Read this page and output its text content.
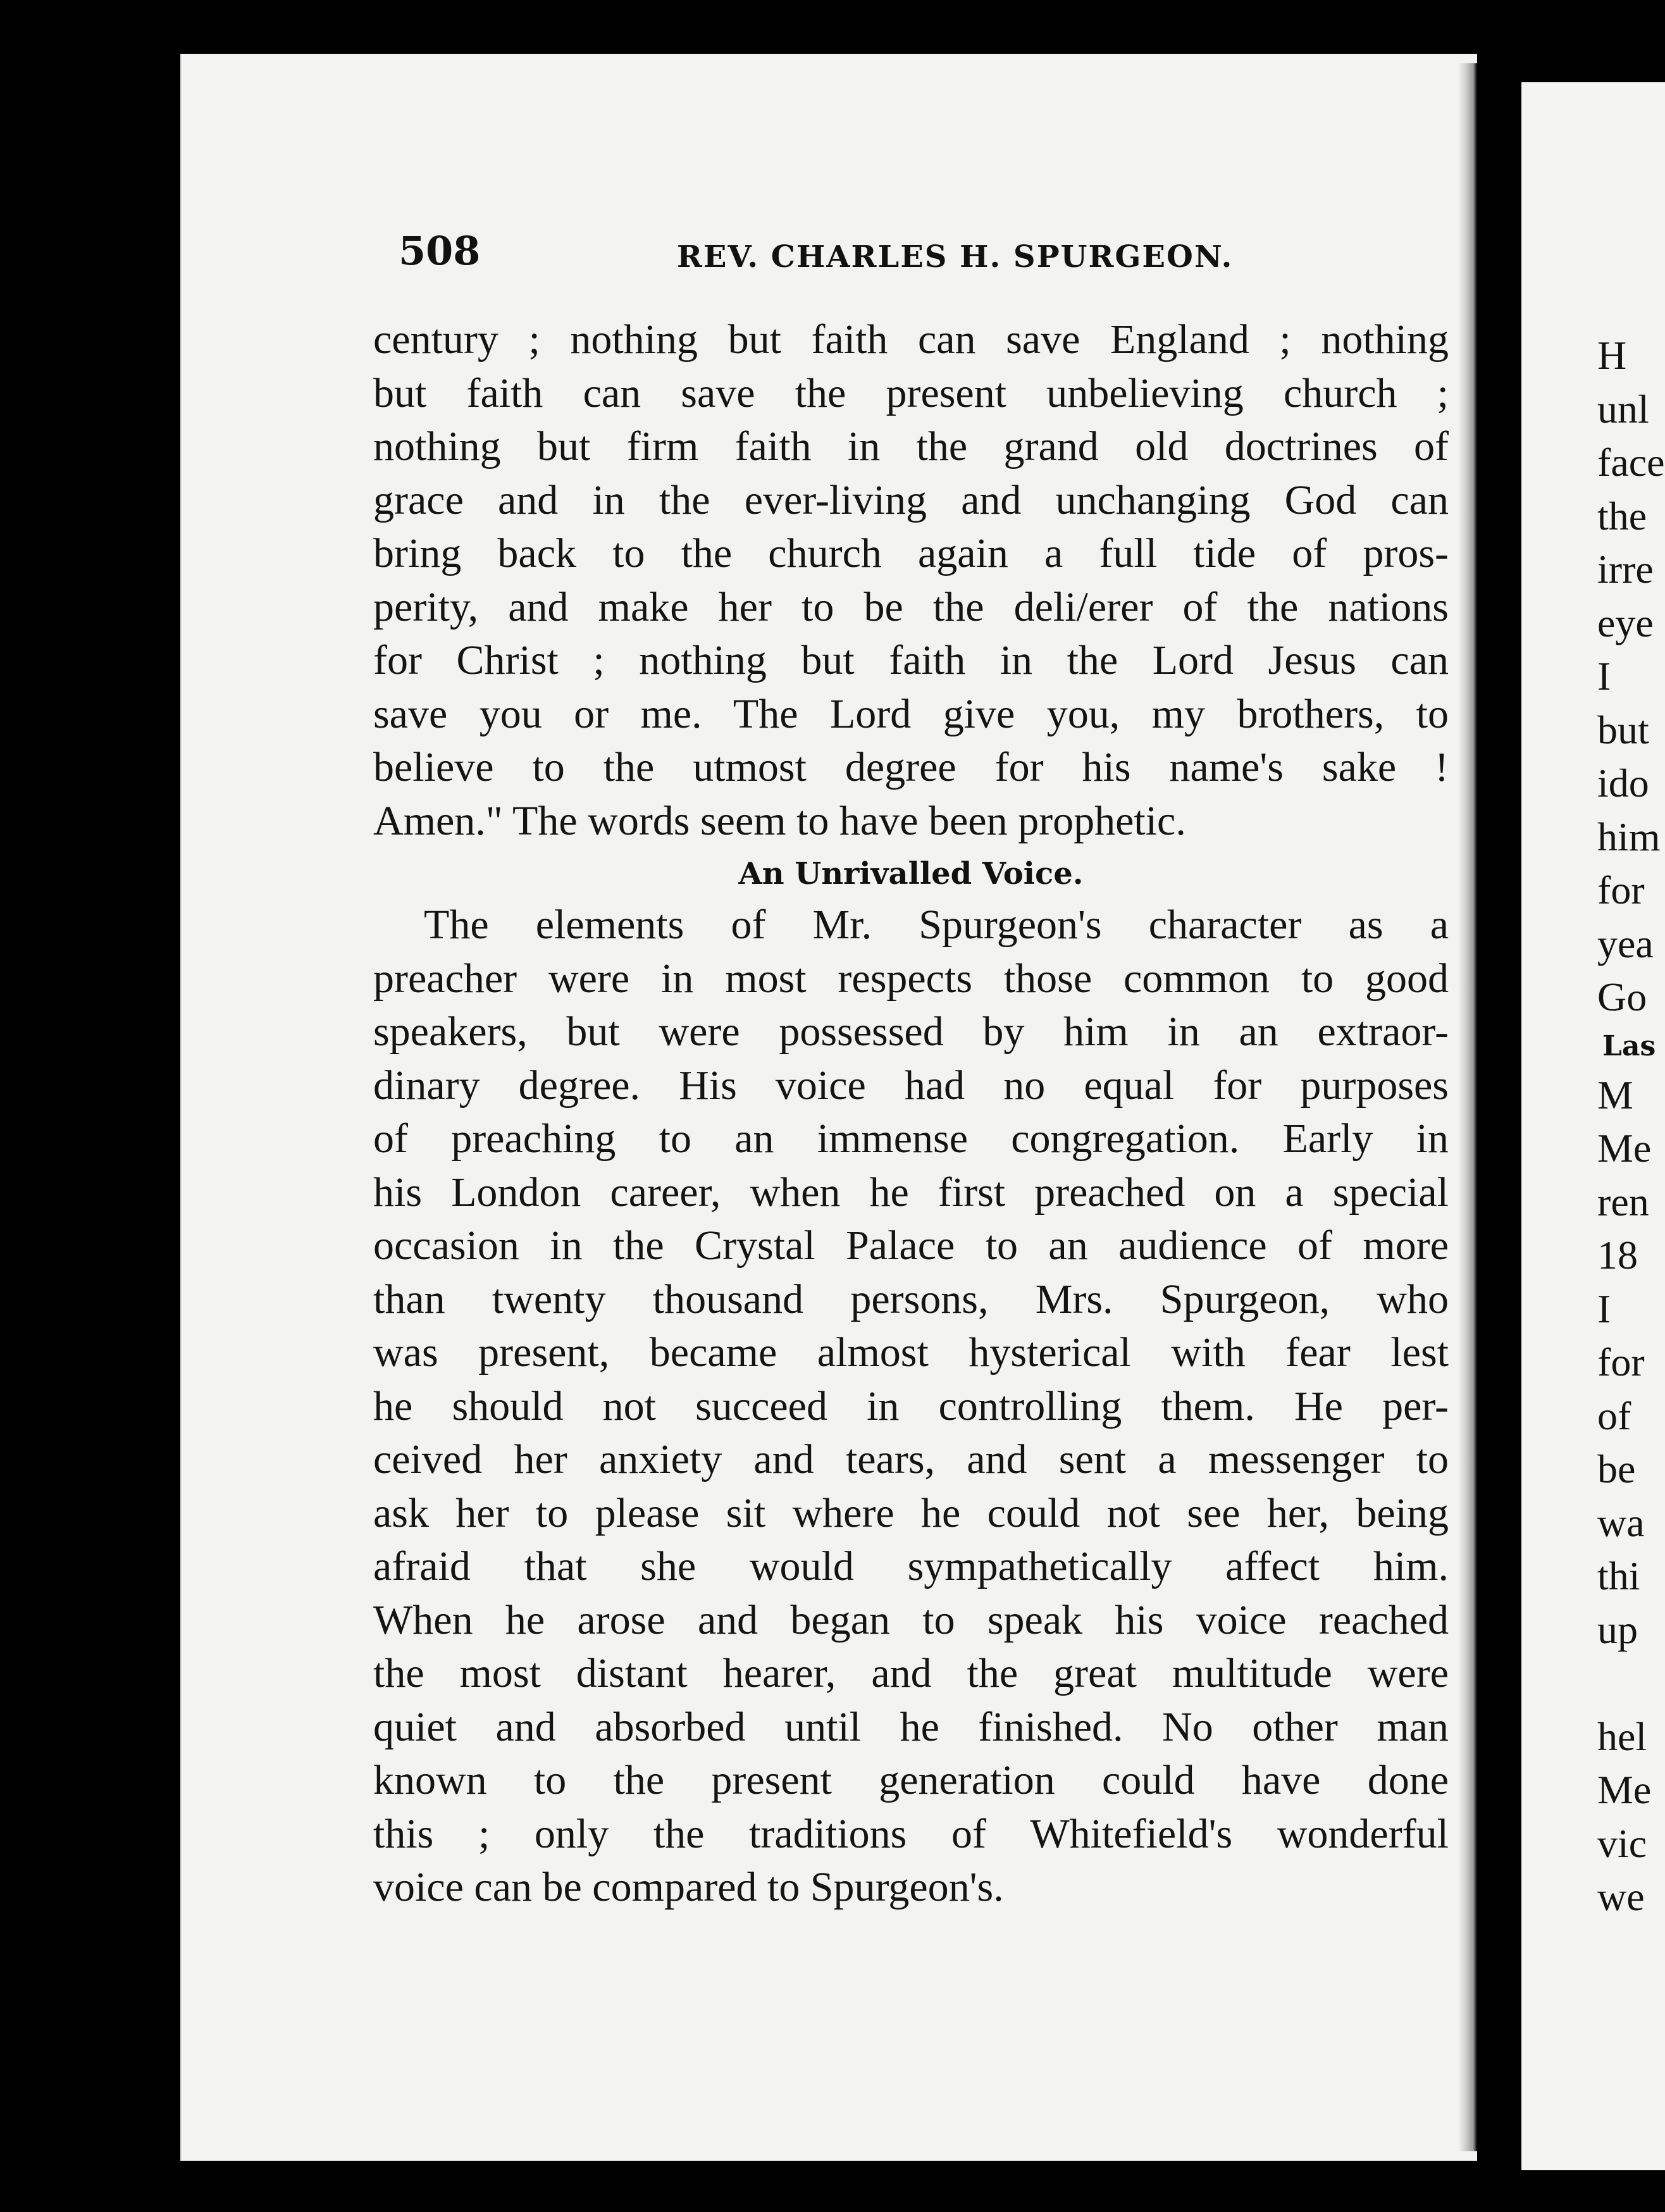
508	REV. CHARLES H. SPURGEON.
century ; nothing but faith can save England ; nothing
but faith can save the present unbelieving church ;
nothing but firm faith in the grand old doctrines of
grace and in the ever-living and unchanging God can
bring back to the church again a full tide of pros-
perity, and make her to be the deli/erer of the nations
for Christ ; nothing but faith in the Lord Jesus can
save you or me. The Lord give you, my brothers, to
believe to the utmost degree for his name's sake !
Amen." The words seem to have been prophetic.
An Unrivalled Voice.
The elements of Mr. Spurgeon's character as a
preacher were in most respects those common to good
speakers, but were possessed by him in an extraor-
dinary degree. His voice had no equal for purposes
of preaching to an immense congregation. Early in
his London career, when he first preached on a special
occasion in the Crystal Palace to an audience of more
than twenty thousand persons, Mrs. Spurgeon, who
was present, became almost hysterical with fear lest
he should not succeed in controlling them. He per-
ceived her anxiety and tears, and sent a messenger to
ask her to please sit where he could not see her, being
afraid that she would sympathetically affect him.
When he arose and began to speak his voice reached
the most distant hearer, and the great multitude were
quiet and absorbed until he finished. No other man
known to the present generation could have done
this ; only the traditions of Whitefield's wonderful
voice can be compared to Spurgeon's.
H
unl
face
the
irre
eye
I
but
ido
him
for
yea
Go
Las
M
Me
ren
18
I
for
of
be
wa
thi
up
hel
Me
vic
we
